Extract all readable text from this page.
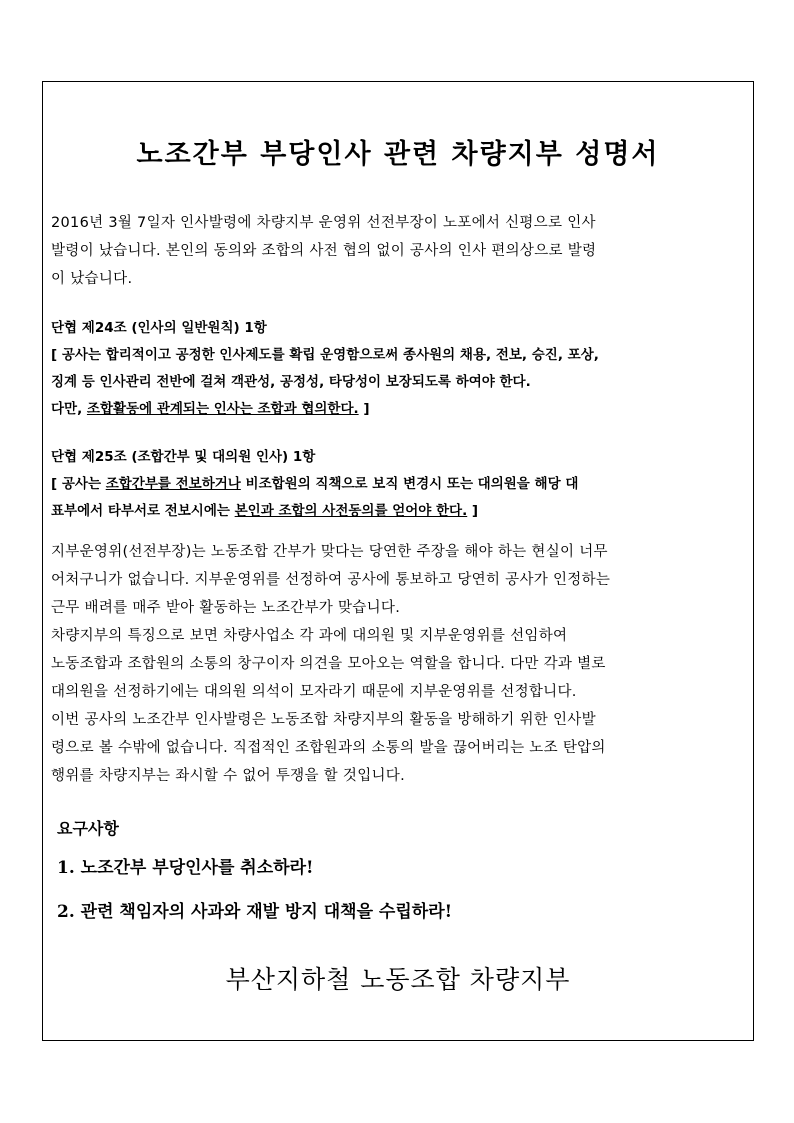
노조간부 부당인사 관련 차량지부 성명서
2016년 3월 7일자 인사발령에 차량지부 운영위 선전부장이 노포에서 신평으로 인사
발령이 났습니다. 본인의 동의와 조합의 사전 협의 없이 공사의 인사 편의상으로 발령
이 났습니다.
단협 제24조 (인사의 일반원칙) 1항
[ 공사는 합리적이고 공정한 인사제도를 확립 운영함으로써 종사원의 채용, 전보, 승진, 포상,
징계 등 인사관리 전반에 걸쳐 객관성, 공정성, 타당성이 보장되도록 하여야 한다.
다만, 조합활동에 관계되는 인사는 조합과 협의한다. ]
단협 제25조 (조합간부 및 대의원 인사) 1항
[ 공사는 조합간부를 전보하거나 비조합원의 직책으로 보직 변경시 또는 대의원을 해당 대
표부에서 타부서로 전보시에는 본인과 조합의 사전동의를 얻어야 한다. ]
지부운영위(선전부장)는 노동조합 간부가 맞다는 당연한 주장을 해야 하는 현실이 너무
어처구니가 없습니다. 지부운영위를 선정하여 공사에 통보하고 당연히 공사가 인정하는
근무 배려를 매주 받아 활동하는 노조간부가 맞습니다.
차량지부의 특징으로 보면 차량사업소 각 과에 대의원 및 지부운영위를 선임하여
노동조합과 조합원의 소통의 창구이자 의견을 모아오는 역할을 합니다. 다만 각과 별로
대의원을 선정하기에는 대의원 의석이 모자라기 때문에 지부운영위를 선정합니다.
이번 공사의 노조간부 인사발령은 노동조합 차량지부의 활동을 방해하기 위한 인사발
령으로 볼 수밖에 없습니다. 직접적인 조합원과의 소통의 발을 끊어버리는 노조 탄압의
행위를 차량지부는 좌시할 수 없어 투쟁을 할 것입니다.
요구사항
1. 노조간부 부당인사를 취소하라!
2. 관련 책임자의 사과와 재발 방지 대책을 수립하라!
부산지하철 노동조합 차량지부
